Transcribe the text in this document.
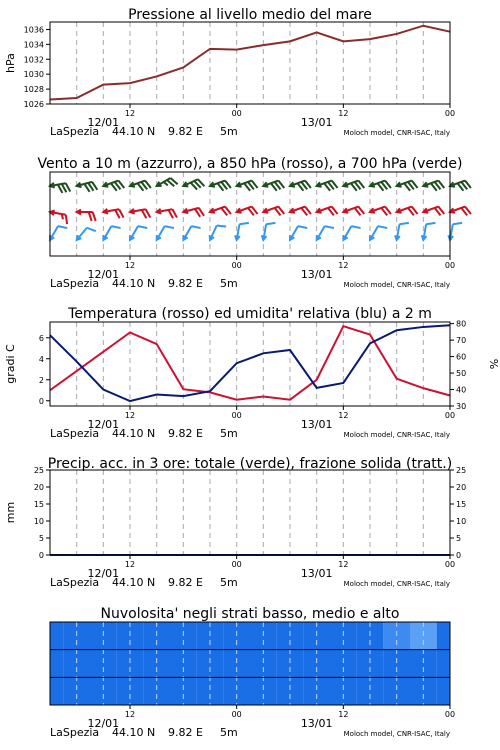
Pressione al livello medio del mare
1026
1028
1030
1032
1034
1036
hPa
12	00	12	00
12/01	13/01
LaSpezia 44.10 N 9.82 E 5m	Moloch model, CNR-ISAC, Italy
Vento a 10 m (azzurro), a 850 hPa (rosso), a 700 hPa (verde)
12	00	12	00
12/01	13/01
LaSpezia 44.10 N 9.82 E 5m	Moloch model, CNR-ISAC, Italy
Temperatura (rosso) ed umidita' relativa (blu) a 2 m
0
2
4
6
30
40
50
60
70
80
gradi C	%
12	00	12	00
12/01	13/01
LaSpezia 44.10 N 9.82 E 5m	Moloch model, CNR-ISAC, Italy
Precip. acc. in 3 ore: totale (verde), frazione solida (tratt.)
0
5
10
15
20
25
0
5
10
15
20
25
mm
12	00	12	00
12/01	13/01
LaSpezia 44.10 N 9.82 E 5m	Moloch model, CNR-ISAC, Italy
Nuvolosita' negli strati basso, medio e alto
12	00	12	00
12/01	13/01
LaSpezia 44.10 N 9.82 E 5m	Moloch model, CNR-ISAC, Italy
